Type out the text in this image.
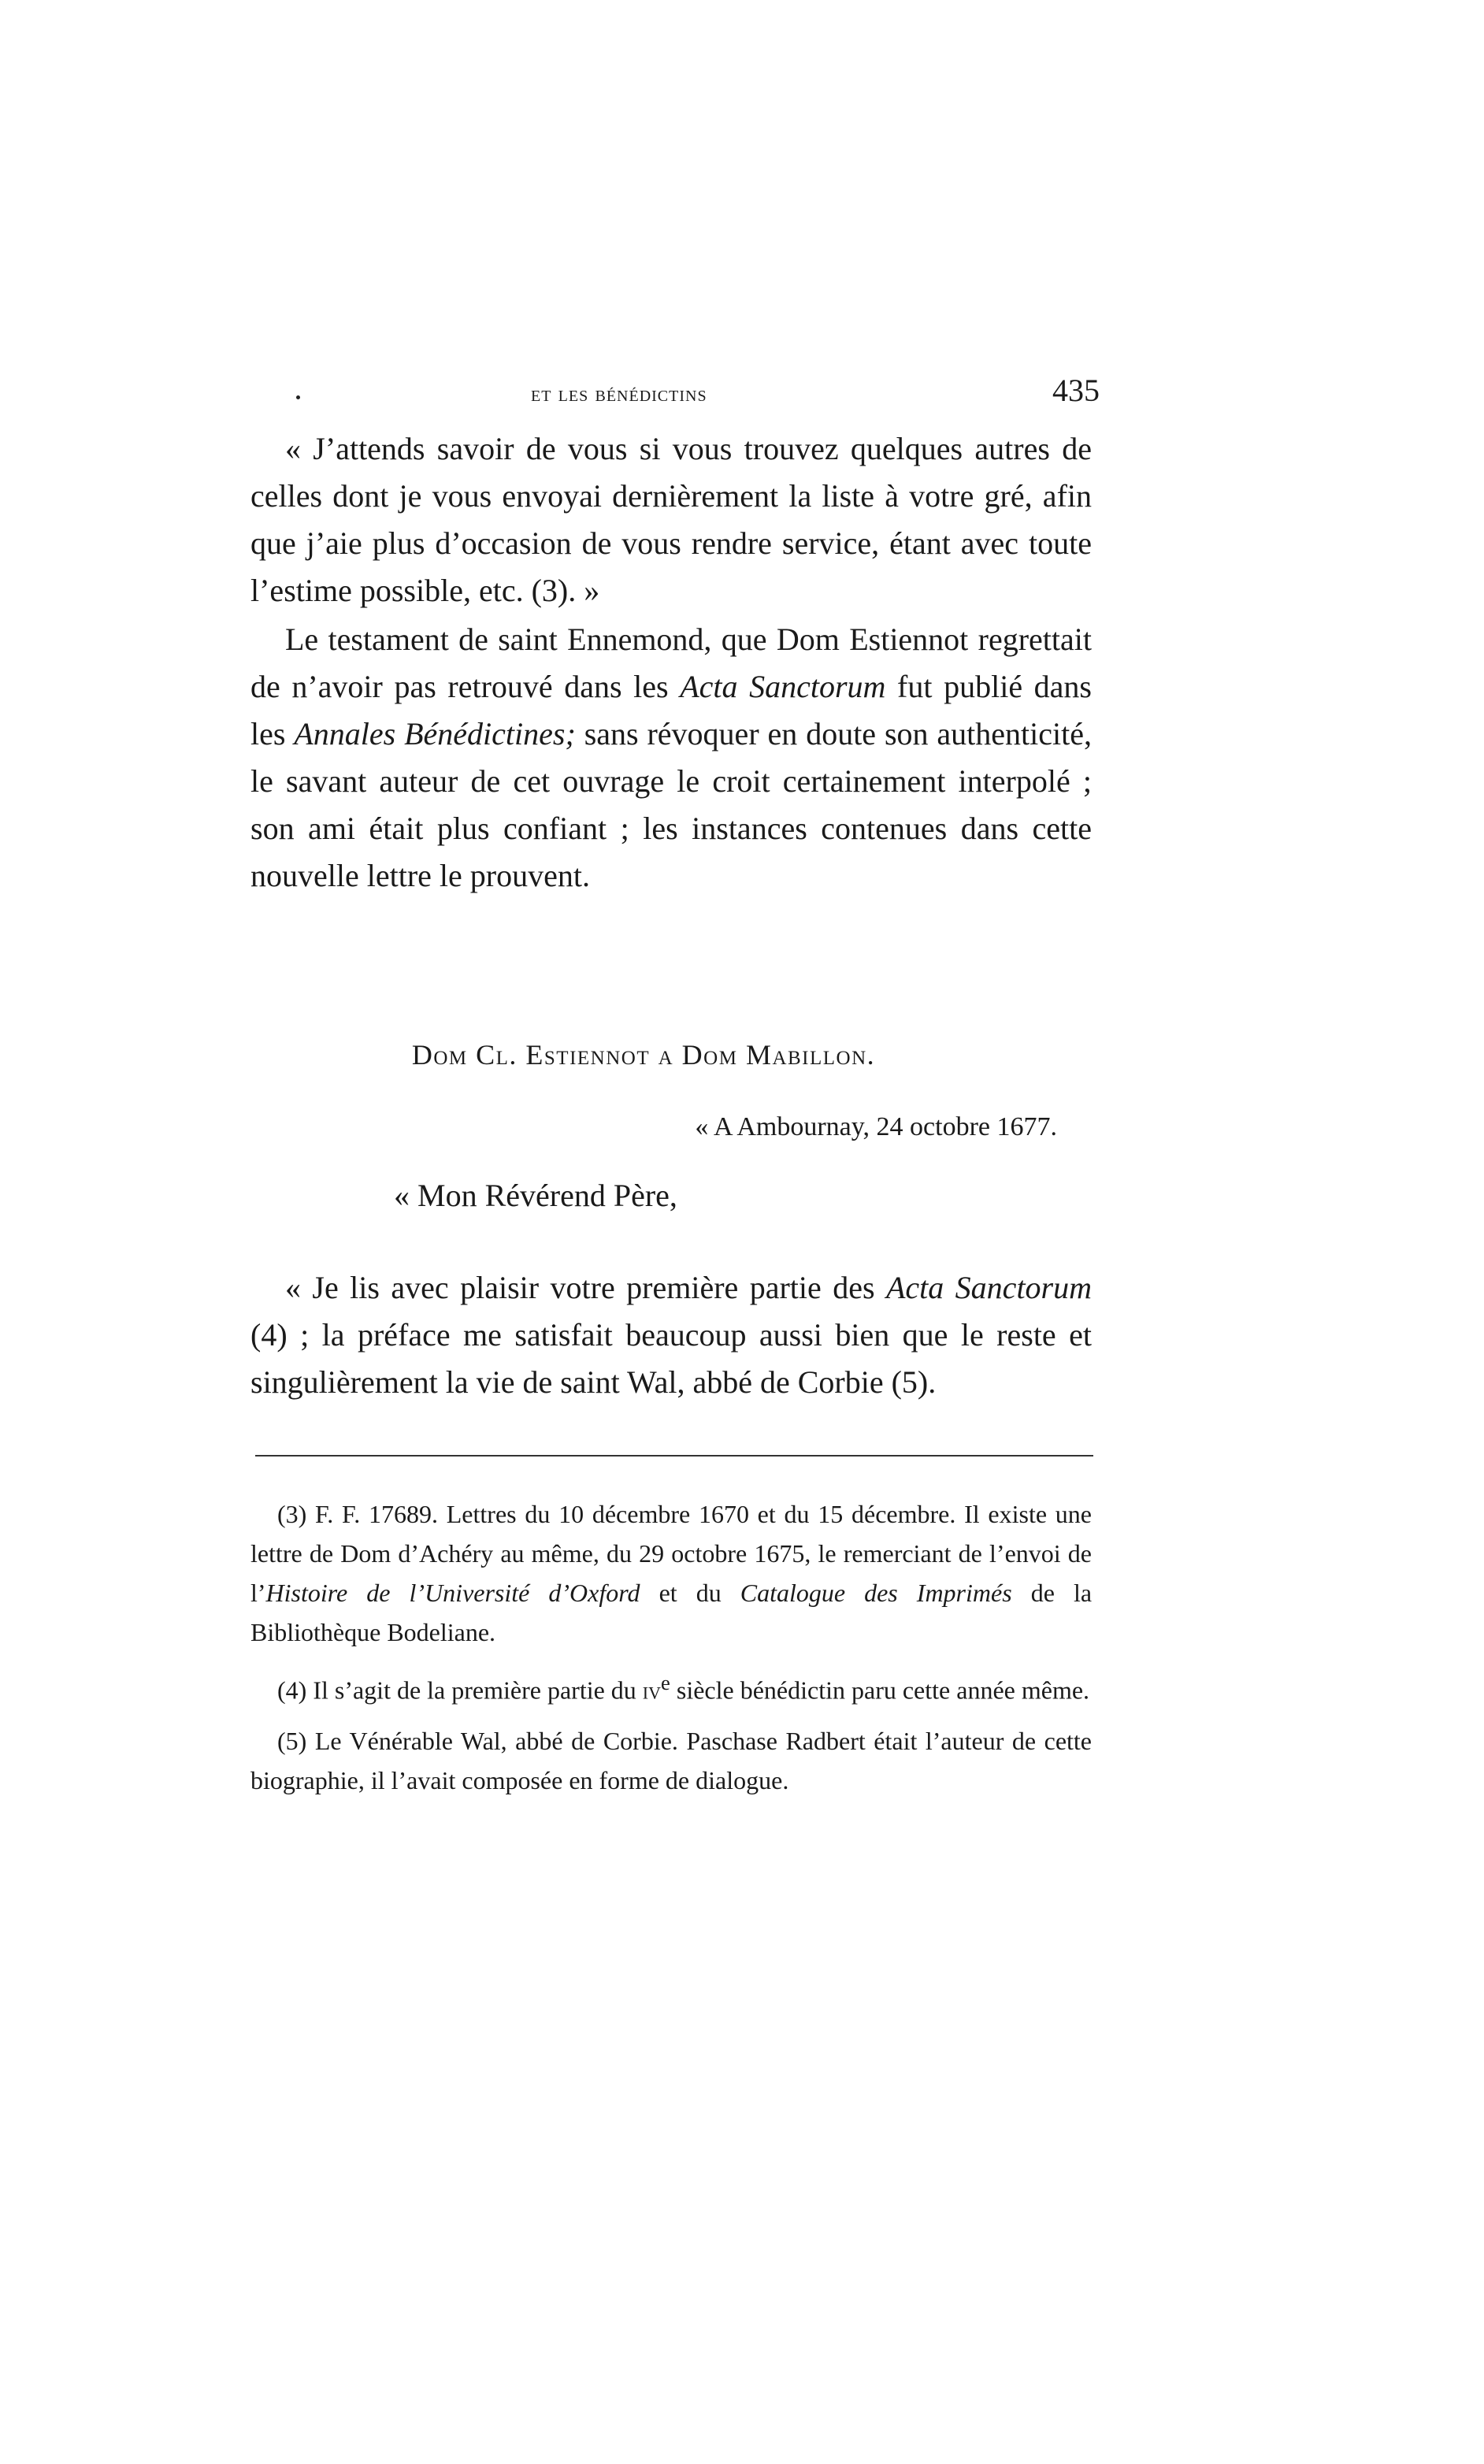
et les bénédictins	435

« J’attends savoir de vous si vous trouvez quelques autres de celles dont je vous envoyai dernièrement la liste à votre gré, afin que j’aie plus d’occasion de vous rendre service, étant avec toute l’estime possible, etc. (3). »

Le testament de saint Ennemond, que Dom Estiennot regrettait de n’avoir pas retrouvé dans les Acta Sanctorum fut publié dans les Annales Bénédictines; sans révoquer en doute son authenticité, le savant auteur de cet ouvrage le croit certainement interpolé ; son ami était plus confiant ; les instances contenues dans cette nouvelle lettre le prouvent.

Dom Cl. Estiennot a Dom Mabillon.
« A Ambournay, 24 octobre 1677.
« Mon Révérend Père,

« Je lis avec plaisir votre première partie des Acta Sanctorum (4) ; la préface me satisfait beaucoup aussi bien que le reste et singulièrement la vie de saint Wal, abbé de Corbie (5).

(3) F. F. 17689. Lettres du 10 décembre 1670 et du 15 décembre. Il existe une lettre de Dom d’Achéry au même, du 29 octobre 1675, le remerciant de l’envoi de l’Histoire de l’Université d’Oxford et du Catalogue des Imprimés de la Bibliothèque Bodeliane.

(4) Il s’agit de la première partie du $iv^e$ siècle bénédictin paru cette année même.

(5) Le Vénérable Wal, abbé de Corbie. Paschase Radbert était l’auteur de cette biographie, il l’avait composée en forme de dialogue.
